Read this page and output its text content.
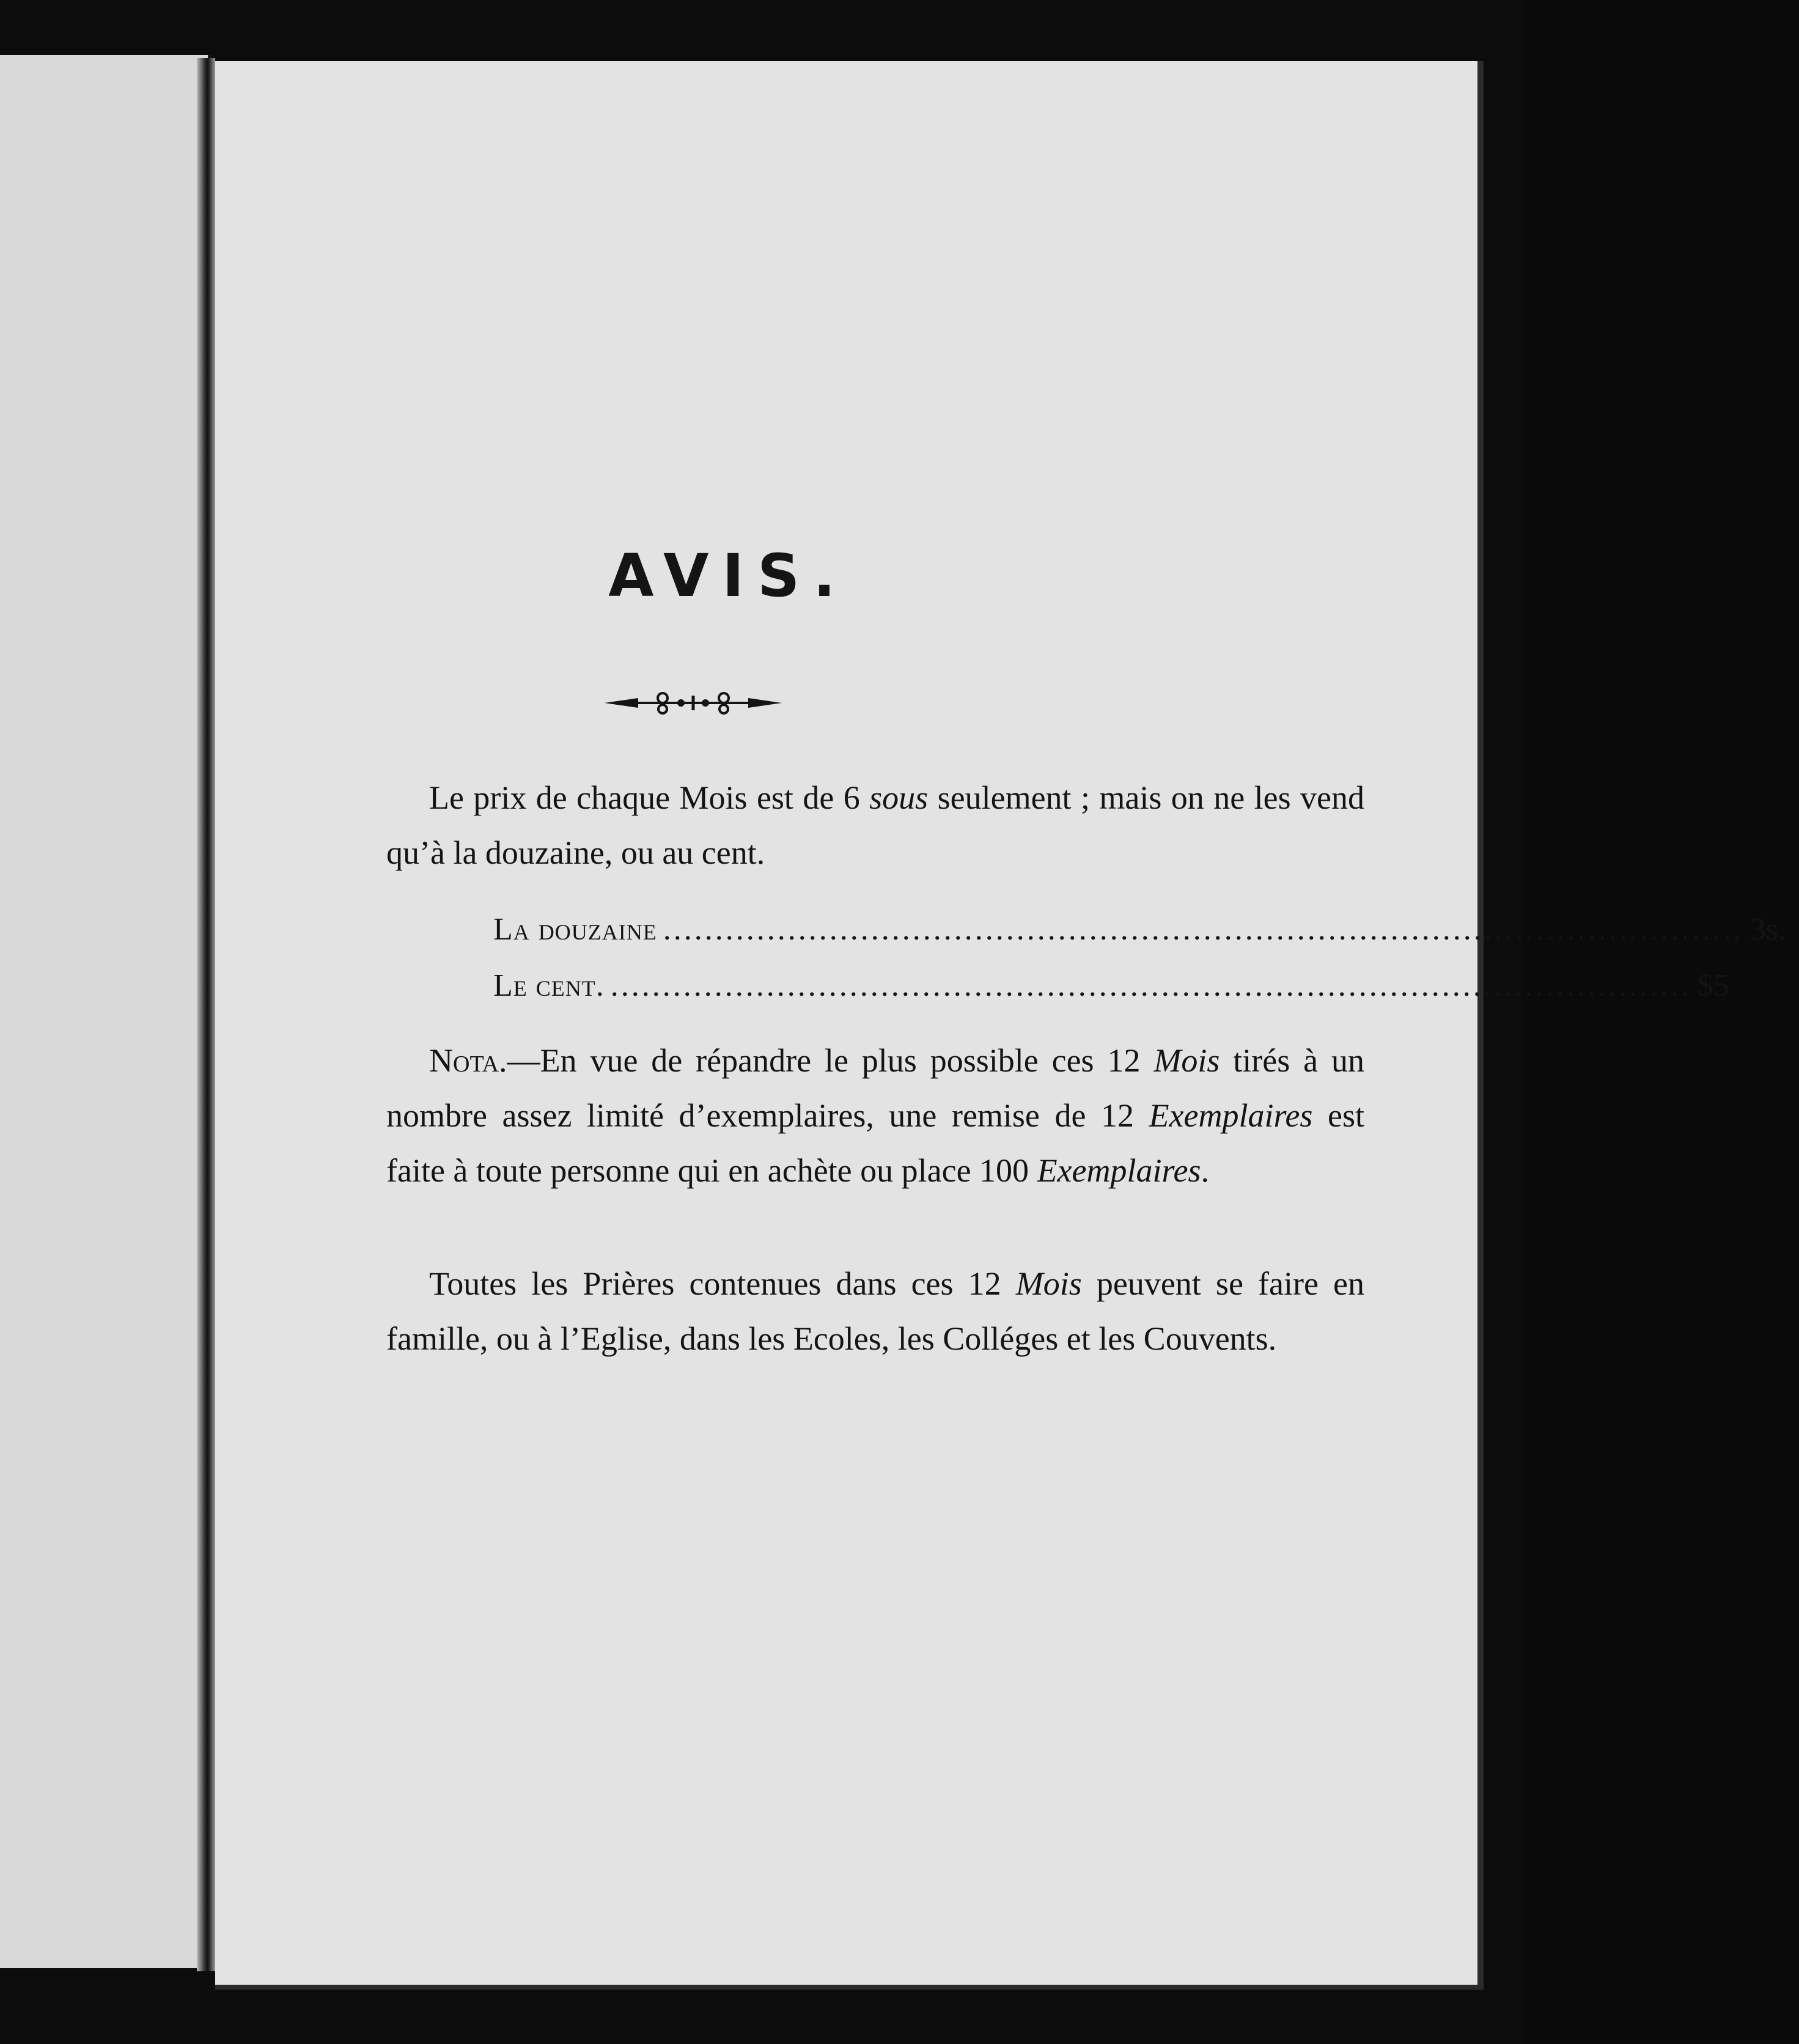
AVIS.

Le prix de chaque Mois est de 6 sous seulement ; mais on ne les vend qu’à la douzaine, ou au cent.

La douzaine ........................................................................................................ 3s.
Le cent. ........................................................................................................ $5

Nota.—En vue de répandre le plus possible ces 12 Mois tirés à un nombre assez limité d’exemplaires, une remise de 12 Exemplaires est faite à toute personne qui en achète ou place 100 Exemplaires.

Toutes les Prières contenues dans ces 12 Mois peuvent se faire en famille, ou à l’Eglise, dans les Ecoles, les Colléges et les Couvents.
